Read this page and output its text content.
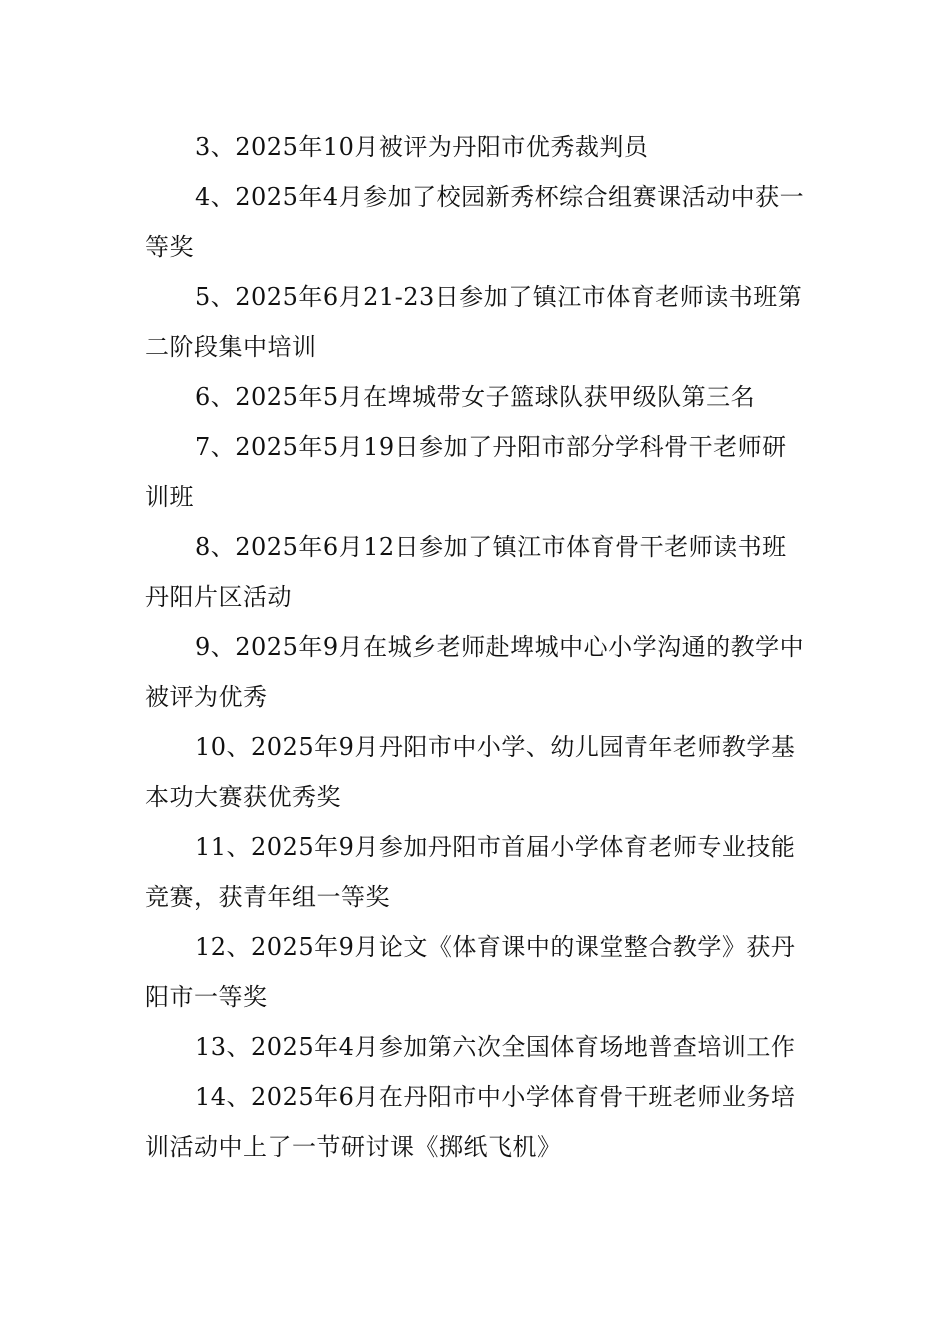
3、2025年10月被评为丹阳市优秀裁判员

4、2025年4月参加了校园新秀杯综合组赛课活动中获一等奖

5、2025年6月21-23日参加了镇江市体育老师读书班第二阶段集中培训

6、2025年5月在埤城带女子篮球队获甲级队第三名

7、2025年5月19日参加了丹阳市部分学科骨干老师研训班

8、2025年6月12日参加了镇江市体育骨干老师读书班丹阳片区活动

9、2025年9月在城乡老师赴埤城中心小学沟通的教学中被评为优秀

10、2025年9月丹阳市中小学、幼儿园青年老师教学基本功大赛获优秀奖

11、2025年9月参加丹阳市首届小学体育老师专业技能竞赛，获青年组一等奖

12、2025年9月论文《体育课中的课堂整合教学》获丹阳市一等奖

13、2025年4月参加第六次全国体育场地普查培训工作

14、2025年6月在丹阳市中小学体育骨干班老师业务培训活动中上了一节研讨课《掷纸飞机》
